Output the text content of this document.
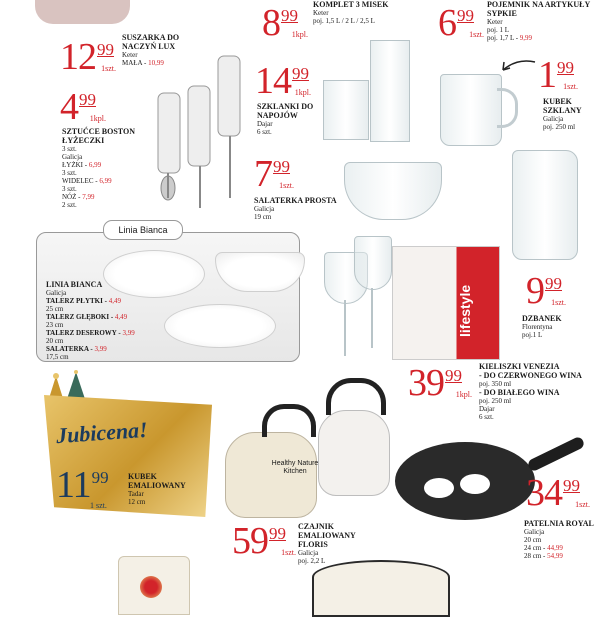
1299
1szt.
SUSZARKA DO NACZYŃ LUX
Keter
MAŁA - 10,99
499
1kpl.
SZTUĆCE BOSTON ŁYŻECZKI
3 szt.
Galicja
ŁYŻKI - 6,99
3 szt.
WIDELEC - 6,99
3 szt.
NÓŻ - 7,99
2 szt.
899
1kpl.
KOMPLET 3 MISEK
Keter
poj. 1,5 L / 2 L / 2,5 L	699
1szt.
POJEMNIK NA ARTYKUŁY SYPKIE
Keter
poj. 1 L
poj. 1,7 L - 9,99
1499
1kpl.
SZKLANKI DO NAPOJÓW
Dajar
6 szt.
199
1szt.
KUBEK SZKLANY
Galicja
poj. 250 ml
799
1szt.
SALATERKA PROSTA
Galicja
19 cm
999
1szt.
DZBANEK
Florentyna
poj.1 L
Linia Bianca
LINIA BIANCA
Galicja
TALERZ PŁYTKI - 4,49
25 cm
TALERZ GŁĘBOKI - 4,49
23 cm
TALERZ DESEROWY - 3,99
20 cm
SALATERKA - 3,99
17,5 cm
lifestyle
3999
1kpl.
KIELISZKI VENEZIA
- DO CZERWONEGO WINA
poj. 350 ml
- DO BIAŁEGO WINA
poj. 250 ml
Dajar
6 szt.
Jubicena!
1199
1 szt.
KUBEK EMALIOWANY
Tadar
12 cm
Healthy Nature Kitchen
5999
1szt.
CZAJNIK EMALIOWANY FLORIS
Galicja
poj. 2,2 L
3499
1szt.
PATELNIA ROYAL
Galicja
20 cm
24 cm - 44,99
28 cm - 54,99
